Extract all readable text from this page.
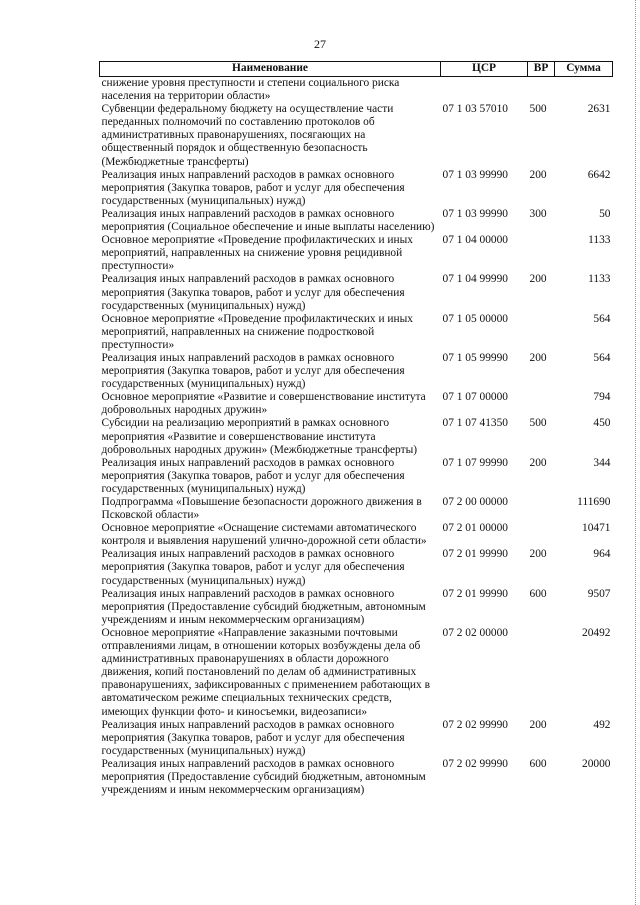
27
Наименование	ЦСР	ВР	Сумма
снижение уровня преступности и степени социального риска населения на территории области»			
Субвенции федеральному бюджету на осуществление части переданных полномочий по составлению протоколов об административных правонарушениях, посягающих на общественный порядок и общественную безопасность (Межбюджетные трансферты)	07 1 03 57010	500	2631
Реализация иных направлений расходов в рамках основного мероприятия (Закупка товаров, работ и услуг для обеспечения государственных (муниципальных) нужд)	07 1 03 99990	200	6642
Реализация иных направлений расходов в рамках основного мероприятия (Социальное обеспечение и иные выплаты населению)	07 1 03 99990	300	50
Основное мероприятие «Проведение профилактических и иных мероприятий, направленных на снижение уровня рецидивной преступности»	07 1 04 00000		1133
Реализация иных направлений расходов в рамках основного мероприятия (Закупка товаров, работ и услуг для обеспечения государственных (муниципальных) нужд)	07 1 04 99990	200	1133
Основное мероприятие «Проведение профилактических и иных мероприятий, направленных на снижение подростковой преступности»	07 1 05 00000		564
Реализация иных направлений расходов в рамках основного мероприятия (Закупка товаров, работ и услуг для обеспечения государственных (муниципальных) нужд)	07 1 05 99990	200	564
Основное мероприятие «Развитие и совершенствование института добровольных народных дружин»	07 1 07 00000		794
Субсидии на реализацию мероприятий в рамках основного мероприятия «Развитие и совершенствование института добровольных народных дружин» (Межбюджетные трансферты)	07 1 07 41350	500	450
Реализация иных направлений расходов в рамках основного мероприятия (Закупка товаров, работ и услуг для обеспечения государственных (муниципальных) нужд)	07 1 07 99990	200	344
Подпрограмма «Повышение безопасности дорожного движения в Псковской области»	07 2 00 00000		111690
Основное мероприятие «Оснащение системами автоматического контроля и выявления нарушений улично-дорожной сети области»	07 2 01 00000		10471
Реализация иных направлений расходов в рамках основного мероприятия (Закупка товаров, работ и услуг для обеспечения государственных (муниципальных) нужд)	07 2 01 99990	200	964
Реализация иных направлений расходов в рамках основного мероприятия (Предоставление субсидий бюджетным, автономным учреждениям и иным некоммерческим организациям)	07 2 01 99990	600	9507
Основное мероприятие «Направление заказными почтовыми отправлениями лицам, в отношении которых возбуждены дела об административных правонарушениях в области дорожного движения, копий постановлений по делам об административных правонарушениях, зафиксированных с применением работающих в автоматическом режиме специальных технических средств, имеющих функции фото- и киносъемки, видеозаписи»	07 2 02 00000		20492
Реализация иных направлений расходов в рамках основного мероприятия (Закупка товаров, работ и услуг для обеспечения государственных (муниципальных) нужд)	07 2 02 99990	200	492
Реализация иных направлений расходов в рамках основного мероприятия (Предоставление субсидий бюджетным, автономным учреждениям и иным некоммерческим организациям)	07 2 02 99990	600	20000
